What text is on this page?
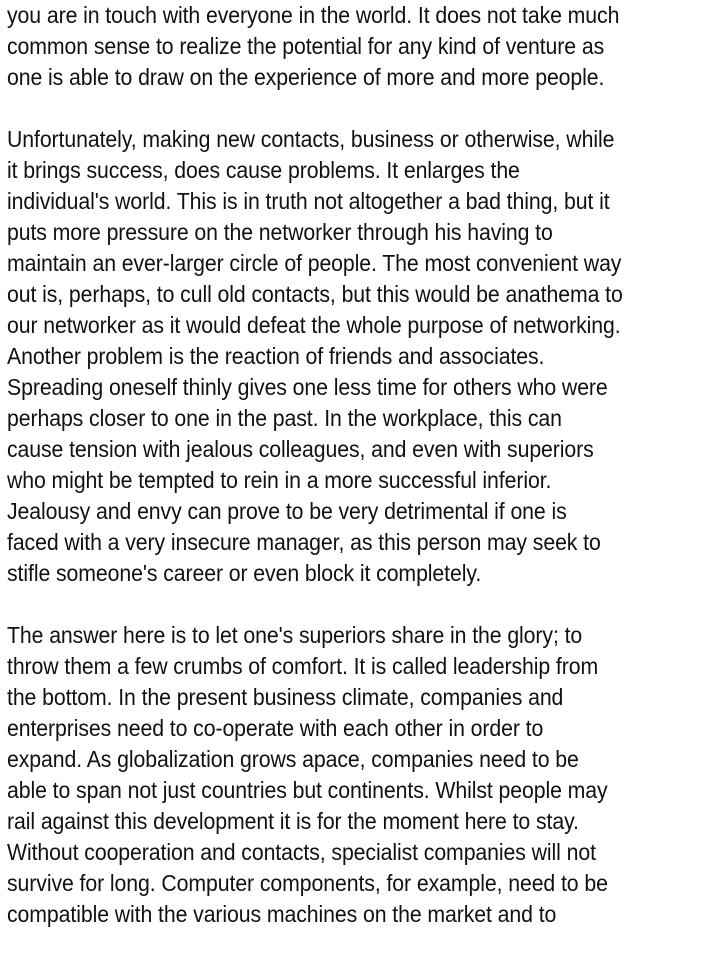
you are in touch with everyone in the world. It does not take much
common sense to realize the potential for any kind of venture as
one is able to draw on the experience of more and more people.

Unfortunately, making new contacts, business or otherwise, while
it brings success, does cause problems. It enlarges the
individual's world. This is in truth not altogether a bad thing, but it
puts more pressure on the networker through his having to
maintain an ever-larger circle of people. The most convenient way
out is, perhaps, to cull old contacts, but this would be anathema to
our networker as it would defeat the whole purpose of networking.
Another problem is the reaction of friends and associates.
Spreading oneself thinly gives one less time for others who were
perhaps closer to one in the past. In the workplace, this can
cause tension with jealous colleagues, and even with superiors
who might be tempted to rein in a more successful inferior.
Jealousy and envy can prove to be very detrimental if one is
faced with a very insecure manager, as this person may seek to
stifle someone's career or even block it completely.

The answer here is to let one's superiors share in the glory; to
throw them a few crumbs of comfort. It is called leadership from
the bottom. In the present business climate, companies and
enterprises need to co-operate with each other in order to
expand. As globalization grows apace, companies need to be
able to span not just countries but continents. Whilst people may
rail against this development it is for the moment here to stay.
Without cooperation and contacts, specialist companies will not
survive for long. Computer components, for example, need to be
compatible with the various machines on the market and to
